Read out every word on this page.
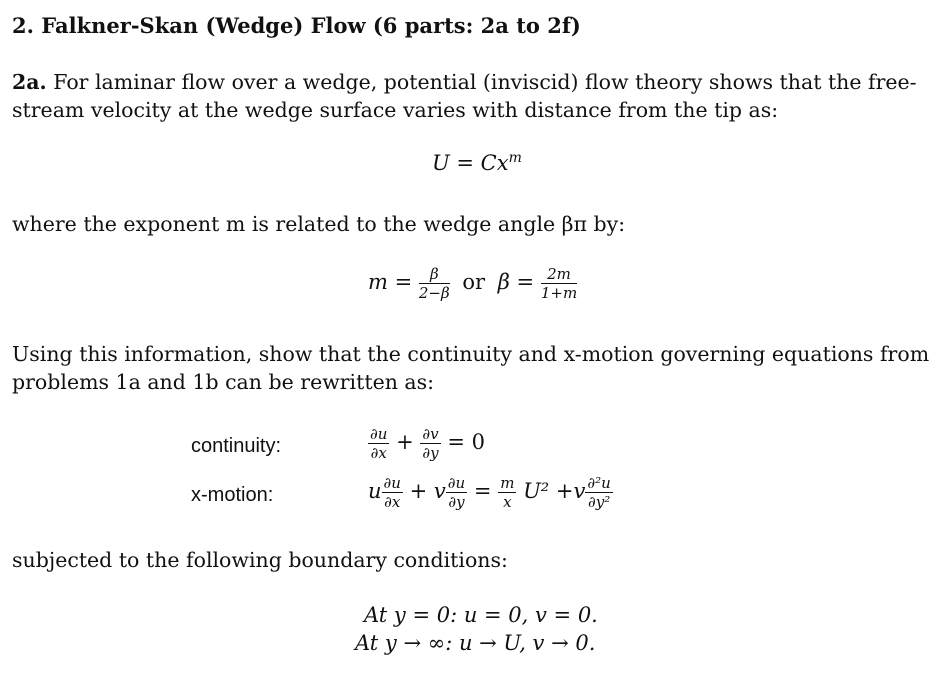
2. Falkner-Skan (Wedge) Flow (6 parts: 2a to 2f)
2a. For laminar flow over a wedge, potential (inviscid) flow theory shows that the free-
stream velocity at the wedge surface varies with distance from the tip as:
$U = Cx^m$
where the exponent m is related to the wedge angle βπ by:
$m = \frac{\beta}{2-\beta}$ or $\beta = \frac{2m}{1+m}$
Using this information, show that the continuity and x-motion governing equations from
problems 1a and 1b can be rewritten as:
continuity:	$\frac{\partial u}{\partial x} + \frac{\partial v}{\partial y} = 0$
x-motion:	u $\frac{\partial u}{\partial x} + v \frac{\partial u}{\partial y} = \frac{m}{x} U^2 +v \frac{\text{∂²u}}{\text{∂y²}}$
subjected to the following boundary conditions:
At y = 0: u = 0, v = 0.
At y → ∞: u → U, v → 0.
